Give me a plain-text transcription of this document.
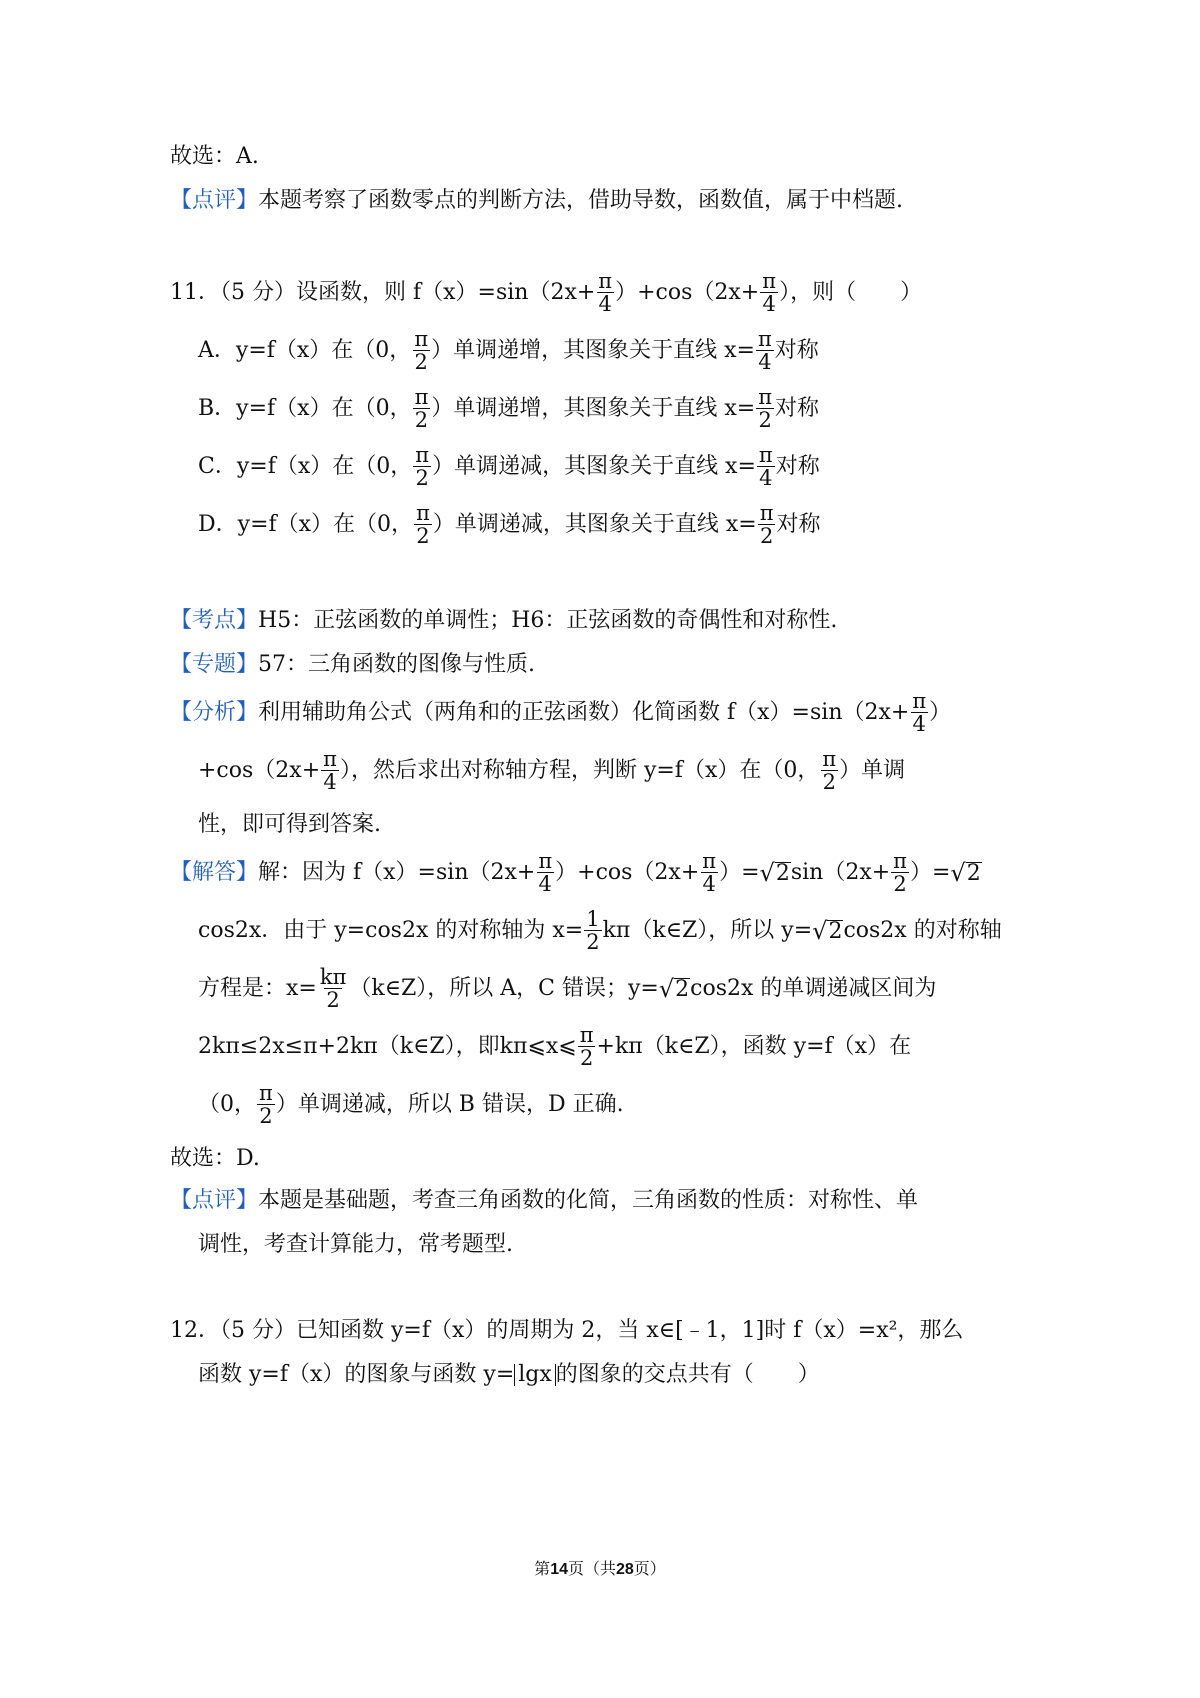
故选：A.
【点评】 本题考察了函数零点的判断方法，借助导数，函数值，属于中档题.
11．（5 分）设函数，则 $f(x)=\sin(2x+ \frac{\pi}{4} )+\cos(2x+ \frac{\pi}{4}$ ），则（　　）
A．y=f（x）在（0， $\frac{\pi}{2}$ ）单调递增，其图象关于直线 $x= \frac{\pi}{4}$ 对称
B．y=f（x）在（0， $\frac{\pi}{2}$ ）单调递增，其图象关于直线 $x= \frac{\pi}{2}$ 对称
C．y=f（x）在（0， $\frac{\pi}{2}$ ）单调递减，其图象关于直线 $x= \frac{\pi}{4}$ 对称
D．y=f（x）在（0， $\frac{\pi}{2}$ ）单调递减，其图象关于直线 $x= \frac{\pi}{2}$ 对称
【考点】 H5：正弦函数的单调性；H6：正弦函数的奇偶性和对称性.
【专题】 57：三角函数的图像与性质.
【分析】 利用辅助角公式（两角和的正弦函数）化简函数 $f(x)=\sin(2x+ \frac{\pi}{4}$ ）
$+\cos(2x+ \frac{\pi}{4}$ ），然后求出对称轴方程，判断 y=f（x）在（0， $\frac{\pi}{2}$ ）单调
性，即可得到答案.
【解答】 解：因为 $f(x)=\sin(2x+ \frac{\pi}{4} )+\cos(2x+ \frac{\pi}{4}$ ）= √ 2 $\sin(2x+ \frac{\pi}{2}$ ）= √ 2
cos2x．由于 y=cos2x 的对称轴为 $x= \frac{1}{2}$ kπ（k∈Z），所以 y= √ 2 cos2x 的对称轴
方程是：$x= \frac{k\pi}{2}$ （k∈Z），所以 A，C 错误；y= √ 2 cos2x 的单调递减区间为
2kπ≤2x≤π+2kπ（k∈Z），即 kπ⩽x⩽ $\frac{\pi}{2}$ +kπ（k∈Z），函数 y=f（x）在
（0， $\frac{\pi}{2}$ ）单调递减，所以 B 错误，D 正确.
故选：D.
【点评】 本题是基础题，考查三角函数的化简，三角函数的性质：对称性、单
调性，考查计算能力，常考题型.
12．（5 分）已知函数 y=f（x）的周期为 2，当 x∈[﹣1，1]时 f（x）=x²，那么
函数 y=f（x）的图象与函数 y= lgx 的图象的交点共有（　　）
第14页（共28页）
